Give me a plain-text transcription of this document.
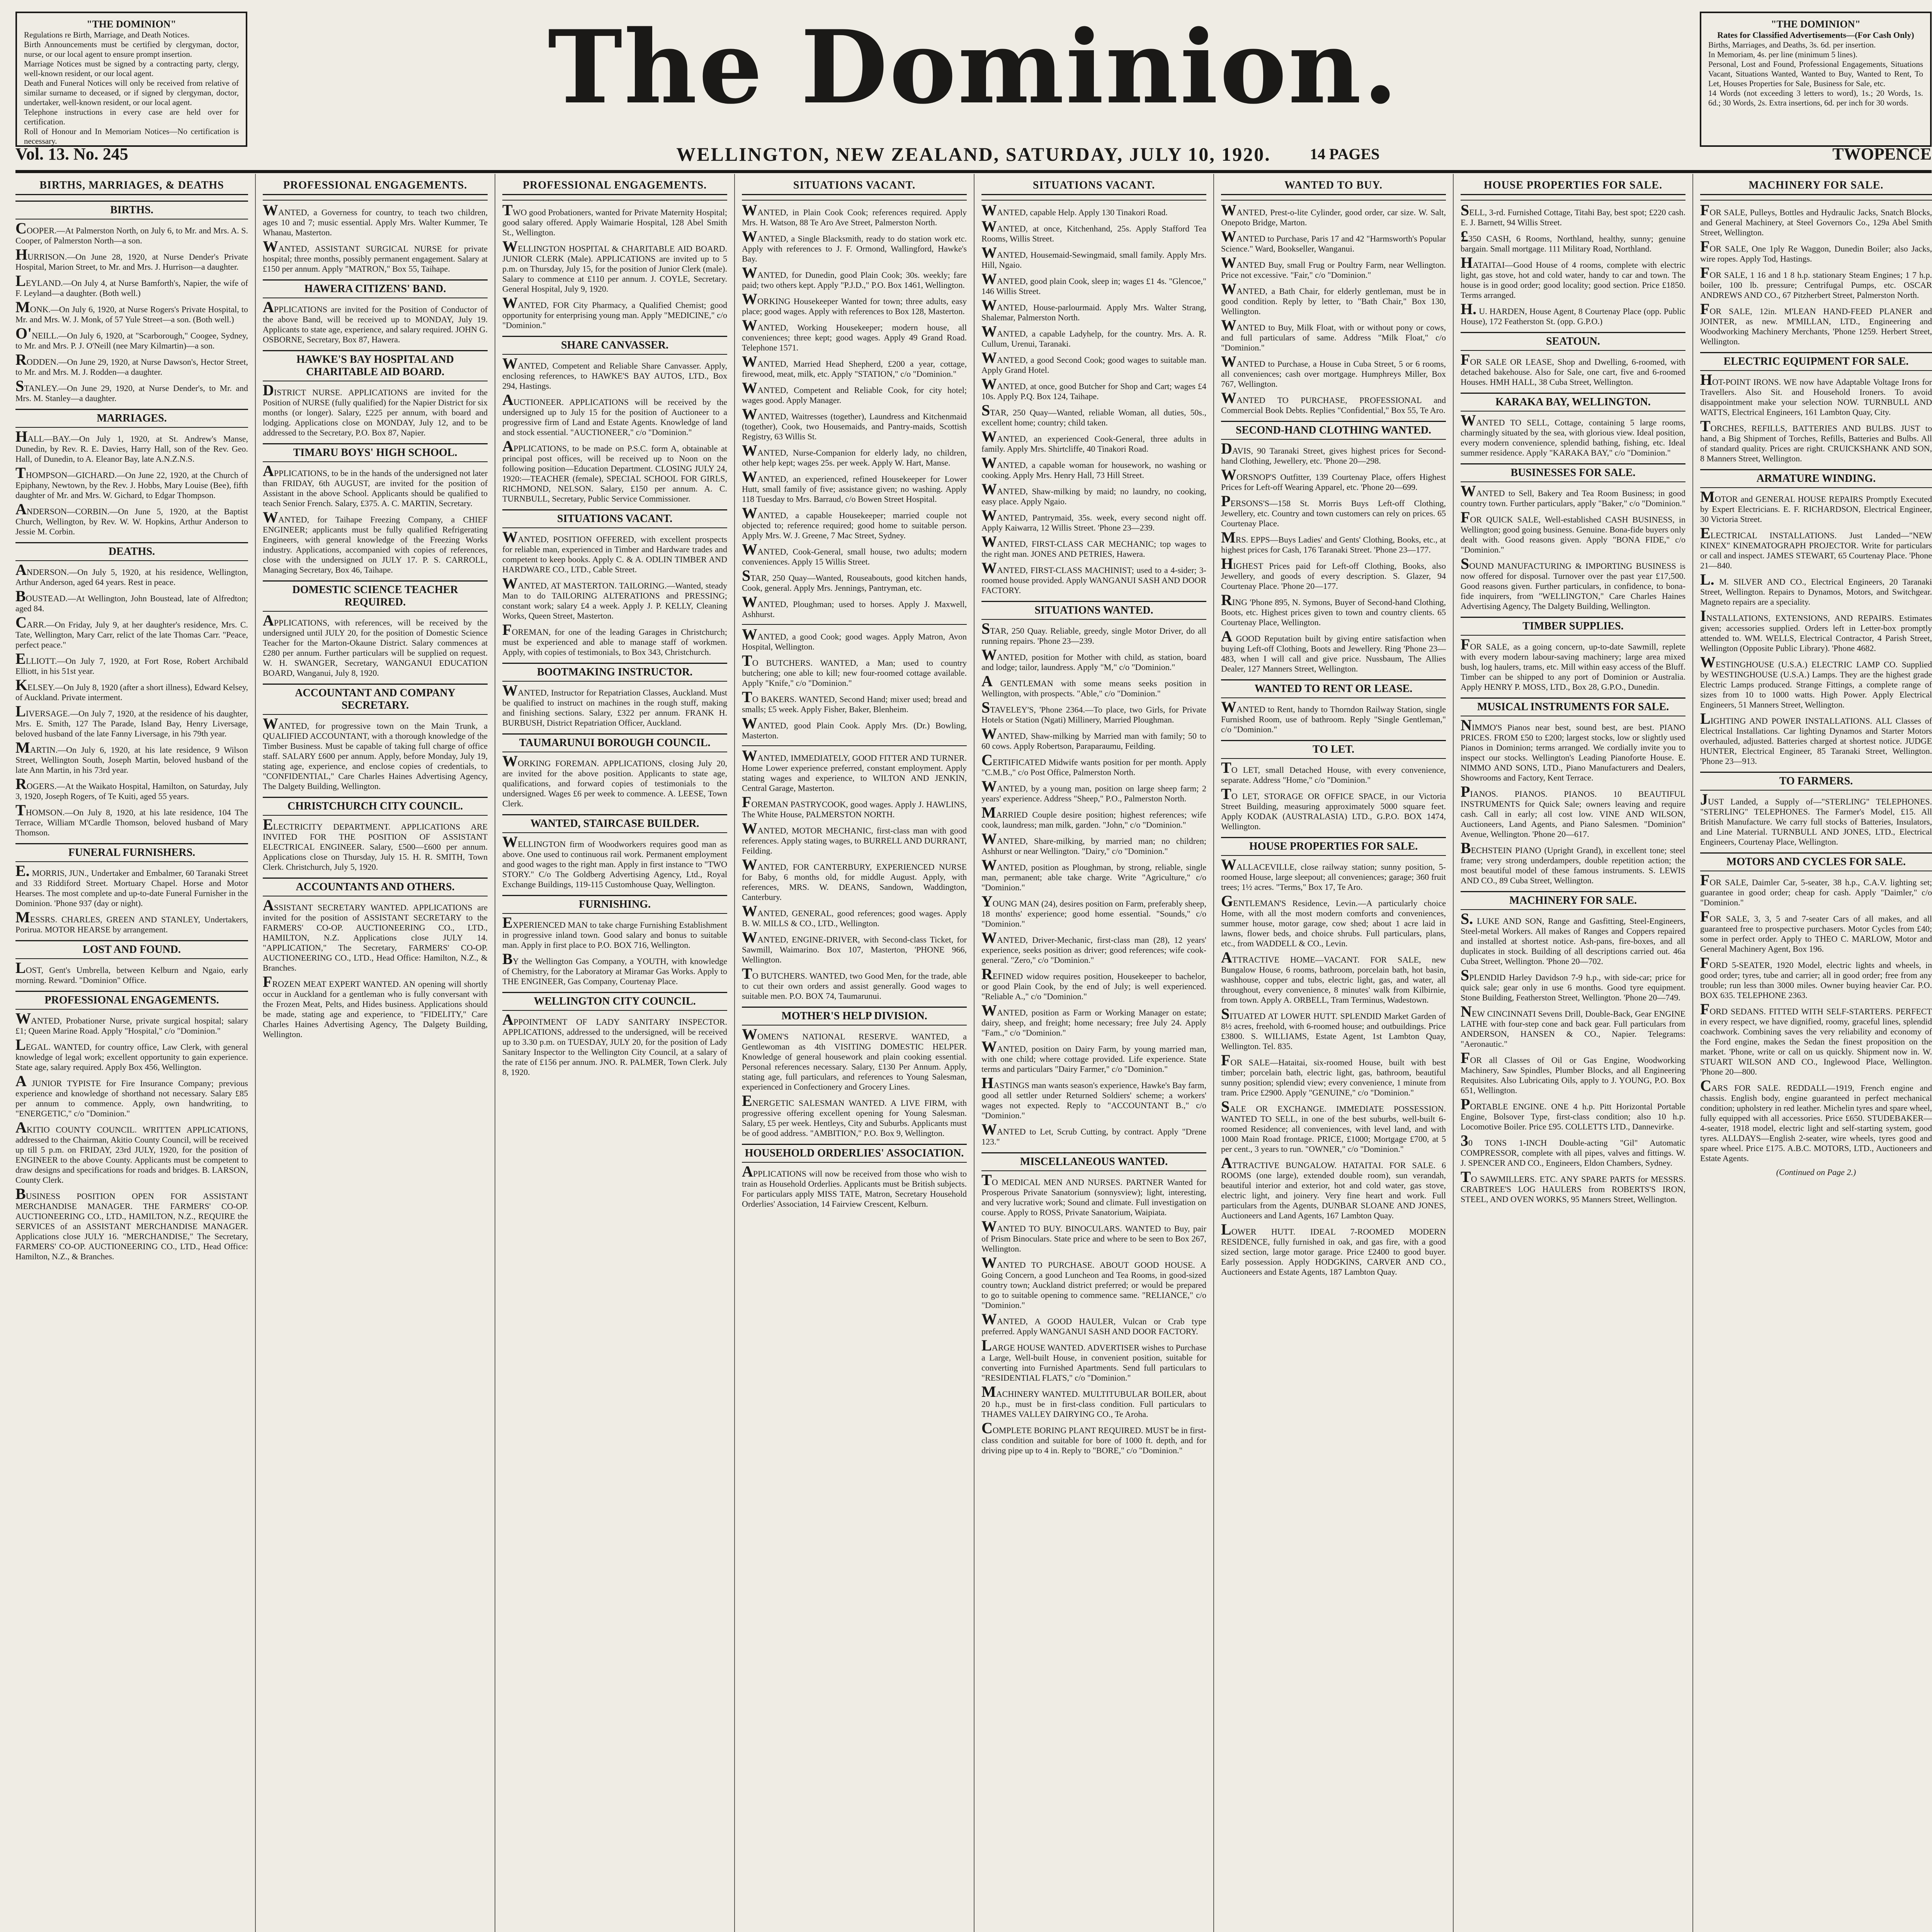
"THE DOMINION"
Regulations re Birth, Marriage, and Death Notices.
Birth Announcements must be certified by clergyman, doctor, nurse, or our local agent to ensure prompt insertion.
Marriage Notices must be signed by a contracting party, clergy, well-known resident, or our local agent.
Death and Funeral Notices will only be received from relative of similar surname to deceased, or if signed by clergyman, doctor, undertaker, well-known resident, or our local agent.
Telephone instructions in every case are held over for certification.
Roll of Honour and In Memoriam Notices—No certification is necessary.
The Dominion.	"THE DOMINION"
Rates for Classified Advertisements—(For Cash Only)
Births, Marriages, and Deaths, 3s. 6d. per insertion.
In Memoriam, 4s. per line (minimum 5 lines).
Personal, Lost and Found, Professional Engagements, Situations Vacant, Situations Wanted, Wanted to Buy, Wanted to Rent, To Let, Houses Properties for Sale, Business for Sale, etc.
14 Words (not exceeding 3 letters to word), 1s.; 20 Words, 1s. 6d.; 30 Words, 2s. Extra insertions, 6d. per inch for 30 words.
Vol. 13. No. 245	WELLINGTON, NEW ZEALAND, SATURDAY, JULY 10, 1920.	14 PAGES	TWOPENCE
BIRTHS, MARRIAGES, & DEATHS
BIRTHS.

COOPER.—At Palmerston North, on July 6, to Mr. and Mrs. A. S. Cooper, of Palmerston North—a son.

HURRISON.—On June 28, 1920, at Nurse Dender's Private Hospital, Marion Street, to Mr. and Mrs. J. Hurrison—a daughter.

LEYLAND.—On July 4, at Nurse Bamforth's, Napier, the wife of F. Leyland—a daughter. (Both well.)

MONK.—On July 6, 1920, at Nurse Rogers's Private Hospital, to Mr. and Mrs. W. J. Monk, of 57 Yule Street—a son. (Both well.)

O'NEILL.—On July 6, 1920, at "Scarborough," Coogee, Sydney, to Mr. and Mrs. P. J. O'Neill (nee Mary Kilmartin)—a son.

RODDEN.—On June 29, 1920, at Nurse Dawson's, Hector Street, to Mr. and Mrs. M. J. Rodden—a daughter.

STANLEY.—On June 29, 1920, at Nurse Dender's, to Mr. and Mrs. M. Stanley—a daughter.

MARRIAGES.

HALL—BAY.—On July 1, 1920, at St. Andrew's Manse, Dunedin, by Rev. R. E. Davies, Harry Hall, son of the Rev. Geo. Hall, of Dunedin, to A. Eleanor Bay, late A.N.Z.N.S.

THOMPSON—GICHARD.—On June 22, 1920, at the Church of Epiphany, Newtown, by the Rev. J. Hobbs, Mary Louise (Bee), fifth daughter of Mr. and Mrs. W. Gichard, to Edgar Thompson.

ANDERSON—CORBIN.—On June 5, 1920, at the Baptist Church, Wellington, by Rev. W. W. Hopkins, Arthur Anderson to Jessie M. Corbin.

DEATHS.

ANDERSON.—On July 5, 1920, at his residence, Wellington, Arthur Anderson, aged 64 years. Rest in peace.

BOUSTEAD.—At Wellington, John Boustead, late of Alfredton; aged 84.

CARR.—On Friday, July 9, at her daughter's residence, Mrs. C. Tate, Wellington, Mary Carr, relict of the late Thomas Carr. "Peace, perfect peace."

ELLIOTT.—On July 7, 1920, at Fort Rose, Robert Archibald Elliott, in his 51st year.

KELSEY.—On July 8, 1920 (after a short illness), Edward Kelsey, of Auckland. Private interment.

LIVERSAGE.—On July 7, 1920, at the residence of his daughter, Mrs. E. Smith, 127 The Parade, Island Bay, Henry Liversage, beloved husband of the late Fanny Liversage, in his 79th year.

MARTIN.—On July 6, 1920, at his late residence, 9 Wilson Street, Wellington South, Joseph Martin, beloved husband of the late Ann Martin, in his 73rd year.

ROGERS.—At the Waikato Hospital, Hamilton, on Saturday, July 3, 1920, Joseph Rogers, of Te Kuiti, aged 55 years.

THOMSON.—On July 8, 1920, at his late residence, 104 The Terrace, William M'Cardle Thomson, beloved husband of Mary Thomson.

FUNERAL FURNISHERS.

E. MORRIS, JUN., Undertaker and Embalmer, 60 Taranaki Street and 33 Riddiford Street. Mortuary Chapel. Horse and Motor Hearses. The most complete and up-to-date Funeral Furnisher in the Dominion. 'Phone 937 (day or night).

MESSRS. CHARLES, GREEN AND STANLEY, Undertakers, Porirua. MOTOR HEARSE by arrangement.

LOST AND FOUND.

LOST, Gent's Umbrella, between Kelburn and Ngaio, early morning. Reward. "Dominion" Office.

PROFESSIONAL ENGAGEMENTS.

WANTED, Probationer Nurse, private surgical hospital; salary £1; Queen Marine Road. Apply "Hospital," c/o "Dominion."

LEGAL. WANTED, for country office, Law Clerk, with general knowledge of legal work; excellent opportunity to gain experience. State age, salary required. Apply Box 456, Wellington.

A JUNIOR TYPISTE for Fire Insurance Company; previous experience and knowledge of shorthand not necessary. Salary £85 per annum to commence. Apply, own handwriting, to "ENERGETIC," c/o "Dominion."

AKITIO COUNTY COUNCIL. WRITTEN APPLICATIONS, addressed to the Chairman, Akitio County Council, will be received up till 5 p.m. on FRIDAY, 23rd JULY, 1920, for the position of ENGINEER to the above County. Applicants must be competent to draw designs and specifications for roads and bridges. B. LARSON, County Clerk.

BUSINESS POSITION OPEN FOR ASSISTANT MERCHANDISE MANAGER. THE FARMERS' CO-OP. AUCTIONEERING CO., LTD., HAMILTON, N.Z., REQUIRE the SERVICES of an ASSISTANT MERCHANDISE MANAGER. Applications close JULY 16. "MERCHANDISE," The Secretary, FARMERS' CO-OP. AUCTIONEERING CO., LTD., Head Office: Hamilton, N.Z., & Branches.

PROFESSIONAL ENGAGEMENTS.

WANTED, a Governess for country, to teach two children, ages 10 and 7; music essential. Apply Mrs. Walter Kummer, Te Whanau, Masterton.

WANTED, ASSISTANT SURGICAL NURSE for private hospital; three months, possibly permanent engagement. Salary at £150 per annum. Apply "MATRON," Box 55, Taihape.

HAWERA CITIZENS' BAND.

APPLICATIONS are invited for the Position of Conductor of the above Band, will be received up to MONDAY, July 19. Applicants to state age, experience, and salary required. JOHN G. OSBORNE, Secretary, Box 87, Hawera.

HAWKE'S BAY HOSPITAL AND CHARITABLE AID BOARD.

DISTRICT NURSE. APPLICATIONS are invited for the Position of NURSE (fully qualified) for the Napier District for six months (or longer). Salary, £225 per annum, with board and lodging. Applications close on MONDAY, July 12, and to be addressed to the Secretary, P.O. Box 87, Napier.

TIMARU BOYS' HIGH SCHOOL.

APPLICATIONS, to be in the hands of the undersigned not later than FRIDAY, 6th AUGUST, are invited for the position of Assistant in the above School. Applicants should be qualified to teach Senior French. Salary, £375. A. C. MARTIN, Secretary.

WANTED, for Taihape Freezing Company, a CHIEF ENGINEER; applicants must be fully qualified Refrigerating Engineers, with general knowledge of the Freezing Works industry. Applications, accompanied with copies of references, close with the undersigned on JULY 17. P. S. CARROLL, Managing Secretary, Box 46, Taihape.

DOMESTIC SCIENCE TEACHER REQUIRED.

APPLICATIONS, with references, will be received by the undersigned until JULY 20, for the position of Domestic Science Teacher for the Marton-Okaune District. Salary commences at £280 per annum. Further particulars will be supplied on request. W. H. SWANGER, Secretary, WANGANUI EDUCATION BOARD, Wanganui, July 8, 1920.

ACCOUNTANT AND COMPANY SECRETARY.

WANTED, for progressive town on the Main Trunk, a QUALIFIED ACCOUNTANT, with a thorough knowledge of the Timber Business. Must be capable of taking full charge of office staff. SALARY £600 per annum. Apply, before Monday, July 19, stating age, experience, and enclose copies of credentials, to "CONFIDENTIAL," Care Charles Haines Advertising Agency, The Dalgety Building, Wellington.

CHRISTCHURCH CITY COUNCIL.

ELECTRICITY DEPARTMENT. APPLICATIONS ARE INVITED FOR THE POSITION OF ASSISTANT ELECTRICAL ENGINEER. Salary, £500—£600 per annum. Applications close on Thursday, July 15. H. R. SMITH, Town Clerk. Christchurch, July 5, 1920.

ACCOUNTANTS AND OTHERS.

ASSISTANT SECRETARY WANTED. APPLICATIONS are invited for the position of ASSISTANT SECRETARY to the FARMERS' CO-OP. AUCTIONEERING CO., LTD., HAMILTON, N.Z. Applications close JULY 14. "APPLICATION," The Secretary, FARMERS' CO-OP. AUCTIONEERING CO., LTD., Head Office: Hamilton, N.Z., & Branches.

FROZEN MEAT EXPERT WANTED. AN opening will shortly occur in Auckland for a gentleman who is fully conversant with the Frozen Meat, Pelts, and Hides business. Applications should be made, stating age and experience, to "FIDELITY," Care Charles Haines Advertising Agency, The Dalgety Building, Wellington.

PROFESSIONAL ENGAGEMENTS.

TWO good Probationers, wanted for Private Maternity Hospital; good salary offered. Apply Waimarie Hospital, 128 Abel Smith St., Wellington.

WELLINGTON HOSPITAL & CHARITABLE AID BOARD. JUNIOR CLERK (Male). APPLICATIONS are invited up to 5 p.m. on Thursday, July 15, for the position of Junior Clerk (male). Salary to commence at £110 per annum. J. COYLE, Secretary. General Hospital, July 9, 1920.

WANTED, FOR City Pharmacy, a Qualified Chemist; good opportunity for enterprising young man. Apply "MEDICINE," c/o "Dominion."

SHARE CANVASSER.

WANTED, Competent and Reliable Share Canvasser. Apply, enclosing references, to HAWKE'S BAY AUTOS, LTD., Box 294, Hastings.

AUCTIONEER. APPLICATIONS will be received by the undersigned up to July 15 for the position of Auctioneer to a progressive firm of Land and Estate Agents. Knowledge of land and stock essential. "AUCTIONEER," c/o "Dominion."

APPLICATIONS, to be made on P.S.C. form A, obtainable at principal post offices, will be received up to Noon on the following position—Education Department. CLOSING JULY 24, 1920:—TEACHER (female), SPECIAL SCHOOL FOR GIRLS, RICHMOND, NELSON. Salary, £150 per annum. A. C. TURNBULL, Secretary, Public Service Commissioner.

SITUATIONS VACANT.

WANTED, POSITION OFFERED, with excellent prospects for reliable man, experienced in Timber and Hardware trades and competent to keep books. Apply C. & A. ODLIN TIMBER AND HARDWARE CO., LTD., Cable Street.

WANTED, AT MASTERTON. TAILORING.—Wanted, steady Man to do TAILORING ALTERATIONS and PRESSING; constant work; salary £4 a week. Apply J. P. KELLY, Cleaning Works, Queen Street, Masterton.

FOREMAN, for one of the leading Garages in Christchurch; must be experienced and able to manage staff of workmen. Apply, with copies of testimonials, to Box 343, Christchurch.

BOOTMAKING INSTRUCTOR.

WANTED, Instructor for Repatriation Classes, Auckland. Must be qualified to instruct on machines in the rough stuff, making and finishing sections. Salary, £322 per annum. FRANK H. BURBUSH, District Repatriation Officer, Auckland.

TAUMARUNUI BOROUGH COUNCIL.

WORKING FOREMAN. APPLICATIONS, closing July 20, are invited for the above position. Applicants to state age, qualifications, and forward copies of testimonials to the undersigned. Wages £6 per week to commence. A. LEESE, Town Clerk.

WANTED, STAIRCASE BUILDER.

WELLINGTON firm of Woodworkers requires good man as above. One used to continuous rail work. Permanent employment and good wages to the right man. Apply in first instance to "TWO STORY." C/o The Goldberg Advertising Agency, Ltd., Royal Exchange Buildings, 119-115 Customhouse Quay, Wellington.

FURNISHING.

EXPERIENCED MAN to take charge Furnishing Establishment in progressive inland town. Good salary and bonus to suitable man. Apply in first place to P.O. BOX 716, Wellington.

BY the Wellington Gas Company, a YOUTH, with knowledge of Chemistry, for the Laboratory at Miramar Gas Works. Apply to THE ENGINEER, Gas Company, Courtenay Place.

WELLINGTON CITY COUNCIL.

APPOINTMENT OF LADY SANITARY INSPECTOR. APPLICATIONS, addressed to the undersigned, will be received up to 3.30 p.m. on TUESDAY, JULY 20, for the position of Lady Sanitary Inspector to the Wellington City Council, at a salary of the rate of £156 per annum. JNO. R. PALMER, Town Clerk. July 8, 1920.

SITUATIONS VACANT.

WANTED, in Plain Cook Cook; references required. Apply Mrs. H. Watson, 88 Te Aro Ave Street, Palmerston North.

WANTED, a Single Blacksmith, ready to do station work etc. Apply with references to J. F. Ormond, Wallingford, Hawke's Bay.

WANTED, for Dunedin, good Plain Cook; 30s. weekly; fare paid; two others kept. Apply "P.J.D.," P.O. Box 1461, Wellington.

WORKING Housekeeper Wanted for town; three adults, easy place; good wages. Apply with references to Box 128, Masterton.

WANTED, Working Housekeeper; modern house, all conveniences; three kept; good wages. Apply 49 Grand Road. Telephone 1571.

WANTED, Married Head Shepherd, £200 a year, cottage, firewood, meat, milk, etc. Apply "STATION," c/o "Dominion."

WANTED, Competent and Reliable Cook, for city hotel; wages good. Apply Manager.

WANTED, Waitresses (together), Laundress and Kitchenmaid (together), Cook, two Housemaids, and Pantry-maids, Scottish Registry, 63 Willis St.

WANTED, Nurse-Companion for elderly lady, no children, other help kept; wages 25s. per week. Apply W. Hart, Manse.

WANTED, an experienced, refined Housekeeper for Lower Hutt, small family of five; assistance given; no washing. Apply 118 Tuesday to Mrs. Barraud, c/o Bowen Street Hospital.

WANTED, a capable Housekeeper; married couple not objected to; reference required; good home to suitable person. Apply Mrs. W. J. Greene, 7 Mac Street, Sydney.

WANTED, Cook-General, small house, two adults; modern conveniences. Apply 15 Willis Street.

STAR, 250 Quay—Wanted, Rouseabouts, good kitchen hands, Cook, general. Apply Mrs. Jennings, Pantryman, etc.

WANTED, Ploughman; used to horses. Apply J. Maxwell, Ashhurst.

WANTED, a good Cook; good wages. Apply Matron, Avon Hospital, Wellington.

TO BUTCHERS. WANTED, a Man; used to country butchering; one able to kill; new four-roomed cottage available. Apply "Knife," c/o "Dominion."

TO BAKERS. WANTED, Second Hand; mixer used; bread and smalls; £5 week. Apply Fisher, Baker, Blenheim.

WANTED, good Plain Cook. Apply Mrs. (Dr.) Bowling, Masterton.

WANTED, IMMEDIATELY, GOOD FITTER AND TURNER. Home Lower experience preferred, constant employment. Apply stating wages and experience, to WILTON AND JENKIN, Central Garage, Masterton.

FOREMAN PASTRYCOOK, good wages. Apply J. HAWLINS, The White House, PALMERSTON NORTH.

WANTED, MOTOR MECHANIC, first-class man with good references. Apply stating wages, to BURRELL AND DURRANT, Feilding.

WANTED, FOR CANTERBURY, EXPERIENCED NURSE for Baby, 6 months old, for middle August. Apply, with references, MRS. W. DEANS, Sandown, Waddington, Canterbury.

WANTED, GENERAL, good references; good wages. Apply B. W. MILLS & CO., LTD., Wellington.

WANTED, ENGINE-DRIVER, with Second-class Ticket, for Sawmill, Waimarino. Box 107, Masterton, 'PHONE 966, Wellington.

TO BUTCHERS. WANTED, two Good Men, for the trade, able to cut their own orders and assist generally. Good wages to suitable men. P.O. BOX 74, Taumarunui.

MOTHER'S HELP DIVISION.

WOMEN'S NATIONAL RESERVE. WANTED, a Gentlewoman as 4th VISITING DOMESTIC HELPER. Knowledge of general housework and plain cooking essential. Personal references necessary. Salary, £130 Per Annum. Apply, stating age, full particulars, and references to Young Salesman, experienced in Confectionery and Grocery Lines.

ENERGETIC SALESMAN WANTED. A LIVE FIRM, with progressive offering excellent opening for Young Salesman. Salary, £5 per week. Hentleys, City and Suburbs. Applicants must be of good address. "AMBITION," P.O. Box 9, Wellington.

HOUSEHOLD ORDERLIES' ASSOCIATION.

APPLICATIONS will now be received from those who wish to train as Household Orderlies. Applicants must be British subjects. For particulars apply MISS TATE, Matron, Secretary Household Orderlies' Association, 14 Fairview Crescent, Kelburn.

SITUATIONS VACANT.

WANTED, capable Help. Apply 130 Tinakori Road.

WANTED, at once, Kitchenhand, 25s. Apply Stafford Tea Rooms, Willis Street.

WANTED, Housemaid-Sewingmaid, small family. Apply Mrs. Hill, Ngaio.

WANTED, good plain Cook, sleep in; wages £1 4s. "Glencoe," 146 Willis Street.

WANTED, House-parlourmaid. Apply Mrs. Walter Strang, Shalemar, Palmerston North.

WANTED, a capable Ladyhelp, for the country. Mrs. A. R. Cullum, Urenui, Taranaki.

WANTED, a good Second Cook; good wages to suitable man. Apply Grand Hotel.

WANTED, at once, good Butcher for Shop and Cart; wages £4 10s. Apply P.Q. Box 124, Taihape.

STAR, 250 Quay—Wanted, reliable Woman, all duties, 50s., excellent home; country; child taken.

WANTED, an experienced Cook-General, three adults in family. Apply Mrs. Shirtcliffe, 40 Tinakori Road.

WANTED, a capable woman for housework, no washing or cooking. Apply Mrs. Henry Hall, 73 Hill Street.

WANTED, Shaw-milking by maid; no laundry, no cooking, easy place. Apply Ngaio.

WANTED, Pantrymaid, 35s. week, every second night off. Apply Kaiwarra, 12 Willis Street. 'Phone 23—239.

WANTED, FIRST-CLASS CAR MECHANIC; top wages to the right man. JONES AND PETRIES, Hawera.

WANTED, FIRST-CLASS MACHINIST; used to a 4-sider; 3-roomed house provided. Apply WANGANUI SASH AND DOOR FACTORY.

SITUATIONS WANTED.

STAR, 250 Quay. Reliable, greedy, single Motor Driver, do all running repairs. 'Phone 23—239.

WANTED, position for Mother with child, as station, board and lodge; tailor, laundress. Apply "M," c/o "Dominion."

A GENTLEMAN with some means seeks position in Wellington, with prospects. "Able," c/o "Dominion."

STAVELEY'S, 'Phone 2364.—To place, two Girls, for Private Hotels or Station (Ngati) Millinery, Married Ploughman.

WANTED, Shaw-milking by Married man with family; 50 to 60 cows. Apply Robertson, Paraparaumu, Feilding.

CERTIFICATED Midwife wants position for per month. Apply "C.M.B.," c/o Post Office, Palmerston North.

WANTED, by a young man, position on large sheep farm; 2 years' experience. Address "Sheep," P.O., Palmerston North.

MARRIED Couple desire position; highest references; wife cook, laundress; man milk, garden. "John," c/o "Dominion."

WANTED, Share-milking, by married man; no children; Ashhurst or near Wellington. "Dairy," c/o "Dominion."

WANTED, position as Ploughman, by strong, reliable, single man, permanent; able take charge. Write "Agriculture," c/o "Dominion."

YOUNG MAN (24), desires position on Farm, preferably sheep, 18 months' experience; good home essential. "Sounds," c/o "Dominion."

WANTED, Driver-Mechanic, first-class man (28), 12 years' experience, seeks position as driver; good references; wife cook-general. "Zero," c/o "Dominion."

REFINED widow requires position, Housekeeper to bachelor, or good Plain Cook, by the end of July; is well experienced. "Reliable A.," c/o "Dominion."

WANTED, position as Farm or Working Manager on estate; dairy, sheep, and freight; home necessary; free July 24. Apply "Fam.," c/o "Dominion."

WANTED, position on Dairy Farm, by young married man, with one child; where cottage provided. Life experience. State terms and particulars "Dairy Farmer," c/o "Dominion."

HASTINGS man wants season's experience, Hawke's Bay farm, good all settler under Returned Soldiers' scheme; a workers' wages not expected. Reply to "ACCOUNTANT B.," c/o "Dominion."

WANTED to Let, Scrub Cutting, by contract. Apply "Drene 123."

MISCELLANEOUS WANTED.

TO MEDICAL MEN AND NURSES. PARTNER Wanted for Prosperous Private Sanatorium (sonnysview); light, interesting, and very lucrative work; Sound and climate. Full investigation on course. Apply to ROSS, Private Sanatorium, Waipiata.

WANTED TO BUY. BINOCULARS. WANTED to Buy, pair of Prism Binoculars. State price and where to be seen to Box 267, Wellington.

WANTED TO PURCHASE. ABOUT GOOD HOUSE. A Going Concern, a good Luncheon and Tea Rooms, in good-sized country town; Auckland district preferred; or would be prepared to go to suitable opening to commence same. "RELIANCE," c/o "Dominion."

WANTED, A GOOD HAULER, Vulcan or Crab type preferred. Apply WANGANUI SASH AND DOOR FACTORY.

LARGE HOUSE WANTED. ADVERTISER wishes to Purchase a Large, Well-built House, in convenient position, suitable for converting into Furnished Apartments. Send full particulars to "RESIDENTIAL FLATS," c/o "Dominion."

MACHINERY WANTED. MULTITUBULAR BOILER, about 20 h.p., must be in first-class condition. Full particulars to THAMES VALLEY DAIRYING CO., Te Aroha.

COMPLETE BORING PLANT REQUIRED. MUST be in first-class condition and suitable for bore of 1000 ft. depth, and for driving pipe up to 4 in. Reply to "BORE," c/o "Dominion."

WANTED TO BUY.

WANTED, Prest-o-lite Cylinder, good order, car size. W. Salt, Onepoto Bridge, Marton.

WANTED to Purchase, Paris 17 and 42 "Harmsworth's Popular Science." Ward, Bookseller, Wanganui.

WANTED Buy, small Frug or Poultry Farm, near Wellington. Price not excessive. "Fair," c/o "Dominion."

WANTED, a Bath Chair, for elderly gentleman, must be in good condition. Reply by letter, to "Bath Chair," Box 130, Wellington.

WANTED to Buy, Milk Float, with or without pony or cows, and full particulars of same. Address "Milk Float," c/o "Dominion."

WANTED to Purchase, a House in Cuba Street, 5 or 6 rooms, all conveniences; cash over mortgage. Humphreys Miller, Box 767, Wellington.

WANTED TO PURCHASE, PROFESSIONAL and Commercial Book Debts. Replies "Confidential," Box 55, Te Aro.

SECOND-HAND CLOTHING WANTED.

DAVIS, 90 Taranaki Street, gives highest prices for Second-hand Clothing, Jewellery, etc. 'Phone 20—298.

WORSNOP'S Outfitter, 139 Courtenay Place, offers Highest Prices for Left-off Wearing Apparel, etc. 'Phone 20—699.

PERSONS'S—158 St. Morris Buys Left-off Clothing, Jewellery, etc. Country and town customers can rely on prices. 65 Courtenay Place.

MRS. EPPS—Buys Ladies' and Gents' Clothing, Books, etc., at highest prices for Cash, 176 Taranaki Street. 'Phone 23—177.

HIGHEST Prices paid for Left-off Clothing, Books, also Jewellery, and goods of every description. S. Glazer, 94 Courtenay Place. 'Phone 20—177.

RING 'Phone 895, N. Symons, Buyer of Second-hand Clothing, Boots, etc. Highest prices given to town and country clients. 65 Courtenay Place, Wellington.

A GOOD Reputation built by giving entire satisfaction when buying Left-off Clothing, Boots and Jewellery. Ring 'Phone 23—483, when I will call and give price. Nussbaum, The Allies Dealer, 127 Manners Street, Wellington.

WANTED TO RENT OR LEASE.

WANTED to Rent, handy to Thorndon Railway Station, single Furnished Room, use of bathroom. Reply "Single Gentleman," c/o "Dominion."

TO LET.

TO LET, small Detached House, with every convenience, separate. Address "Home," c/o "Dominion."

TO LET, STORAGE OR OFFICE SPACE, in our Victoria Street Building, measuring approximately 5000 square feet. Apply KODAK (AUSTRALASIA) LTD., G.P.O. BOX 1474, Wellington.

HOUSE PROPERTIES FOR SALE.

WALLACEVILLE, close railway station; sunny position, 5-roomed House, large sleepout; all conveniences; garage; 360 fruit trees; 1½ acres. "Terms," Box 17, Te Aro.

GENTLEMAN'S Residence, Levin.—A particularly choice Home, with all the most modern comforts and conveniences, summer house, motor garage, cow shed; about 1 acre laid in lawns, flower beds, and choice shrubs. Full particulars, plans, etc., from WADDELL & CO., Levin.

ATTRACTIVE HOME—VACANT. FOR SALE, new Bungalow House, 6 rooms, bathroom, porcelain bath, hot basin, washhouse, copper and tubs, electric light, gas, and water, all throughout, every convenience, 8 minutes' walk from Kilbirnie, from town. Apply A. ORBELL, Tram Terminus, Wadestown.

SITUATED AT LOWER HUTT. SPLENDID Market Garden of 8½ acres, freehold, with 6-roomed house; and outbuildings. Price £3800. S. WILLIAMS, Estate Agent, 1st Lambton Quay, Wellington. Tel. 835.

FOR SALE—Hataitai, six-roomed House, built with best timber; porcelain bath, electric light, gas, bathroom, beautiful sunny position; splendid view; every convenience, 1 minute from tram. Price £2900. Apply "GENUINE," c/o "Dominion."

SALE OR EXCHANGE. IMMEDIATE POSSESSION. WANTED TO SELL, in one of the best suburbs, well-built 6-roomed Residence; all conveniences, with level land, and with 1000 Main Road frontage. PRICE, £1000; Mortgage £700, at 5 per cent., 3 years to run. "OWNER," c/o "Dominion."

ATTRACTIVE BUNGALOW. HATAITAI. FOR SALE. 6 ROOMS (one large), extended double room), sun verandah, beautiful interior and exterior, hot and cold water, gas stove, electric light, and joinery. Very fine heart and work. Full particulars from the Agents, DUNBAR SLOANE AND JONES, Auctioneers and Land Agents, 167 Lambton Quay.

LOWER HUTT. IDEAL 7-ROOMED MODERN RESIDENCE, fully furnished in oak, and gas fire, with a good sized section, large motor garage. Price £2400 to good buyer. Early possession. Apply HODGKINS, CARVER AND CO., Auctioneers and Estate Agents, 187 Lambton Quay.

HOUSE PROPERTIES FOR SALE.

SELL, 3-rd. Furnished Cottage, Titahi Bay, best spot; £220 cash. E. J. Barnett, 94 Willis Street.

£350 CASH, 6 Rooms, Northland, healthy, sunny; genuine bargain. Small mortgage. 111 Military Road, Northland.

HATAITAI—Good House of 4 rooms, complete with electric light, gas stove, hot and cold water, handy to car and town. The house is in good order; good locality; good section. Price £1850. Terms arranged.

H. U. HARDEN, House Agent, 8 Courtenay Place (opp. Public House), 172 Featherston St. (opp. G.P.O.)

SEATOUN.

FOR SALE OR LEASE, Shop and Dwelling, 6-roomed, with detached bakehouse. Also for Sale, one cart, five and 6-roomed Houses. HMH HALL, 38 Cuba Street, Wellington.

KARAKA BAY, WELLINGTON.

WANTED TO SELL, Cottage, containing 5 large rooms, charmingly situated by the sea, with glorious view. Ideal position, every modern convenience, splendid bathing, fishing, etc. Ideal summer residence. Apply "KARAKA BAY," c/o "Dominion."

BUSINESSES FOR SALE.

WANTED to Sell, Bakery and Tea Room Business; in good country town. Further particulars, apply "Baker," c/o "Dominion."

FOR QUICK SALE, Well-established CASH BUSINESS, in Wellington; good going business. Genuine. Bona-fide buyers only dealt with. Good reasons given. Apply "BONA FIDE," c/o "Dominion."

SOUND MANUFACTURING & IMPORTING BUSINESS is now offered for disposal. Turnover over the past year £17,500. Good reasons given. Further particulars, in confidence, to bona-fide inquirers, from "WELLINGTON," Care Charles Haines Advertising Agency, The Dalgety Building, Wellington.

TIMBER SUPPLIES.

FOR SALE, as a going concern, up-to-date Sawmill, replete with every modern labour-saving machinery; large area mixed bush, log haulers, trams, etc. Mill within easy access of the Bluff. Timber can be shipped to any port of Dominion or Australia. Apply HENRY P. MOSS, LTD., Box 28, G.P.O., Dunedin.

MUSICAL INSTRUMENTS FOR SALE.

NIMMO'S Pianos near best, sound best, are best. PIANO PRICES. FROM £50 to £200; largest stocks, low or slightly used Pianos in Dominion; terms arranged. We cordially invite you to inspect our stocks. Wellington's Leading Pianoforte House. E. NIMMO AND SONS, LTD., Piano Manufacturers and Dealers, Showrooms and Factory, Kent Terrace.

PIANOS. PIANOS. PIANOS. 10 BEAUTIFUL INSTRUMENTS for Quick Sale; owners leaving and require cash. Call in early; all cost low. VINE AND WILSON, Auctioneers, Land Agents, and Piano Salesmen. "Dominion" Avenue, Wellington. 'Phone 20—617.

BECHSTEIN PIANO (Upright Grand), in excellent tone; steel frame; very strong underdampers, double repetition action; the most beautiful model of these famous instruments. S. LEWIS AND CO., 89 Cuba Street, Wellington.

MACHINERY FOR SALE.

S. LUKE AND SON, Range and Gasfitting, Steel-Engineers, Steel-metal Workers. All makes of Ranges and Coppers repaired and installed at shortest notice. Ash-pans, fire-boxes, and all duplicates in stock. Building of all descriptions carried out. 46a Cuba Street, Wellington. 'Phone 20—702.

SPLENDID Harley Davidson 7-9 h.p., with side-car; price for quick sale; gear only in use 6 months. Good tyre equipment. Stone Building, Featherston Street, Wellington. 'Phone 20—749.

NEW CINCINNATI Sevens Drill, Double-Back, Gear ENGINE LATHE with four-step cone and back gear. Full particulars from ANDERSON, HANSEN & CO., Napier. Telegrams: "Aeronautic."

FOR all Classes of Oil or Gas Engine, Woodworking Machinery, Saw Spindles, Plumber Blocks, and all Engineering Requisites. Also Lubricating Oils, apply to J. YOUNG, P.O. Box 651, Wellington.

PORTABLE ENGINE. ONE 4 h.p. Pitt Horizontal Portable Engine, Bolsover Type, first-class condition; also 10 h.p. Locomotive Boiler. Price £95. COLLETTS LTD., Dannevirke.

30 TONS 1-INCH Double-acting "Gil" Automatic COMPRESSOR, complete with all pipes, valves and fittings. W. J. SPENCER AND CO., Engineers, Eldon Chambers, Sydney.

TO SAWMILLERS. ETC. ANY SPARE PARTS for MESSRS. CRABTREE'S LOG HAULERS from ROBERTS'S IRON, STEEL, AND OVEN WORKS, 95 Manners Street, Wellington.

MACHINERY FOR SALE.

FOR SALE, Pulleys, Bottles and Hydraulic Jacks, Snatch Blocks, and General Machinery, at Steel Governors Co., 129a Abel Smith Street, Wellington.

FOR SALE, One 1ply Re Waggon, Dunedin Boiler; also Jacks, wire ropes. Apply Tod, Hastings.

FOR SALE, 1 16 and 1 8 h.p. stationary Steam Engines; 1 7 h.p. boiler, 100 lb. pressure; Centrifugal Pumps, etc. OSCAR ANDREWS AND CO., 67 Pitzherbert Street, Palmerston North.

FOR SALE, 12in. M'LEAN HAND-FEED PLANER and JOINTER, as new. M'MILLAN, LTD., Engineering and Woodworking Machinery Merchants, 'Phone 1259. Herbert Street, Wellington.

ELECTRIC EQUIPMENT FOR SALE.

HOT-POINT IRONS. WE now have Adaptable Voltage Irons for Travellers. Also Sit. and Household Ironers. To avoid disappointment make your selection NOW. TURNBULL AND WATTS, Electrical Engineers, 161 Lambton Quay, City.

TORCHES, REFILLS, BATTERIES AND BULBS. JUST to hand, a Big Shipment of Torches, Refills, Batteries and Bulbs. All of standard quality. Prices are right. CRUICKSHANK AND SON, 8 Manners Street, Wellington.

ARMATURE WINDING.

MOTOR and GENERAL HOUSE REPAIRS Promptly Executed by Expert Electricians. E. F. RICHARDSON, Electrical Engineer, 30 Victoria Street.

ELECTRICAL INSTALLATIONS. Just Landed—"NEW KINEX" KINEMATOGRAPH PROJECTOR. Write for particulars or call and inspect. JAMES STEWART, 65 Courtenay Place. 'Phone 21—840.

L. M. SILVER AND CO., Electrical Engineers, 20 Taranaki Street, Wellington. Repairs to Dynamos, Motors, and Switchgear. Magneto repairs are a speciality.

INSTALLATIONS, EXTENSIONS, AND REPAIRS. Estimates given; accessories supplied. Orders left in Letter-box promptly attended to. WM. WELLS, Electrical Contractor, 4 Parish Street, Wellington (Opposite Public Library). 'Phone 4682.

WESTINGHOUSE (U.S.A.) ELECTRIC LAMP CO. Supplied by WESTINGHOUSE (U.S.A.) Lamps. They are the highest grade Electric Lamps produced. Strange Fittings, a complete range of sizes from 10 to 1000 watts. High Power. Apply Electrical Engineers, 51 Manners Street, Wellington.

LIGHTING AND POWER INSTALLATIONS. ALL Classes of Electrical Installations. Car lighting Dynamos and Starter Motors overhauled, adjusted. Batteries charged at shortest notice. JUDGE HUNTER, Electrical Engineer, 85 Taranaki Street, Wellington. 'Phone 23—913.

TO FARMERS.

JUST Landed, a Supply of—"STERLING" TELEPHONES. "STERLING" TELEPHONES. The Farmer's Model, £15. All British Manufacture. We carry full stocks of Batteries, Insulators, and Line Material. TURNBULL AND JONES, LTD., Electrical Engineers, Courtenay Place, Wellington.

MOTORS AND CYCLES FOR SALE.

FOR SALE, Daimler Car, 5-seater, 38 h.p., C.A.V. lighting set; guarantee in good order; cheap for cash. Apply "Daimler," c/o "Dominion."

FOR SALE, 3, 3, 5 and 7-seater Cars of all makes, and all guaranteed free to prospective purchasers. Motor Cycles from £40; some in perfect order. Apply to THEO C. MARLOW, Motor and General Machinery Agent, Box 196.

FORD 5-SEATER, 1920 Model, electric lights and wheels, in good order; tyres, tube and carrier; all in good order; free from any trouble; run less than 3000 miles. Owner buying heavier Car. P.O. BOX 635. TELEPHONE 2363.

FORD SEDANS. FITTED WITH SELF-STARTERS. PERFECT in every respect, we have dignified, roomy, graceful lines, splendid coachwork. Combining saves the very reliability and economy of the Ford engine, makes the Sedan the finest proposition on the market. 'Phone, write or call on us quickly. Shipment now in. W. STUART WILSON AND CO., Inglewood Place, Wellington. 'Phone 20—800.

CARS FOR SALE. REDDALL—1919, French engine and chassis. English body, engine guaranteed in perfect mechanical condition; upholstery in red leather. Michelin tyres and spare wheel, fully equipped with all accessories. Price £650. STUDEBAKER—4-seater, 1918 model, electric light and self-starting system, good tyres. ALLDAYS—English 2-seater, wire wheels, tyres good and spare wheel. Price £175. A.B.C. MOTORS, LTD., Auctioneers and Estate Agents.

(Continued on Page 2.)
